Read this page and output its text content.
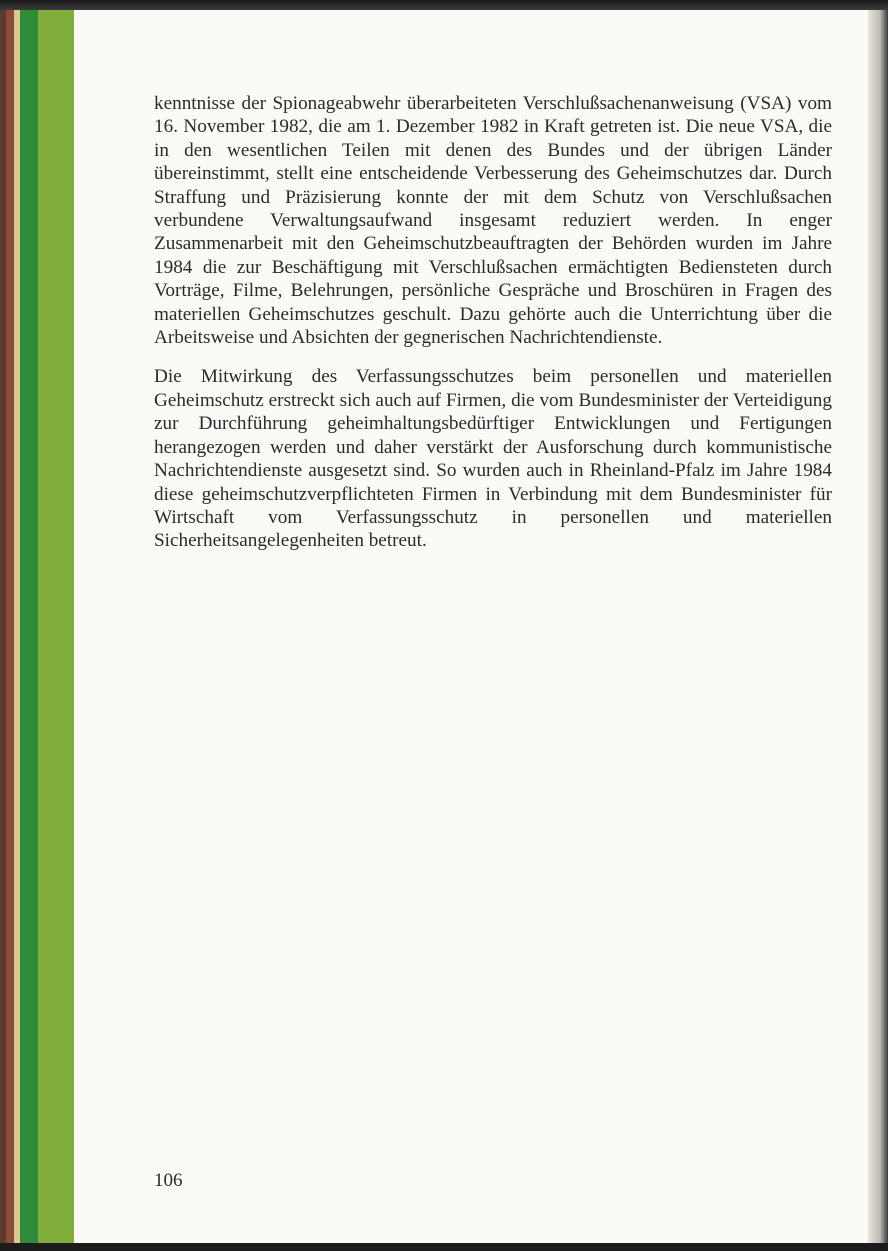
kenntnisse der Spionageabwehr überarbeiteten Verschlußsachenanweisung (VSA) vom 16. November 1982, die am 1. Dezember 1982 in Kraft getreten ist. Die neue VSA, die in den wesentlichen Teilen mit denen des Bundes und der übrigen Länder übereinstimmt, stellt eine entscheidende Verbesserung des Geheimschutzes dar. Durch Straffung und Präzisierung konnte der mit dem Schutz von Verschlußsachen verbundene Verwaltungsaufwand insgesamt reduziert werden. In enger Zusammenarbeit mit den Geheimschutzbeauftragten der Behörden wurden im Jahre 1984 die zur Beschäftigung mit Verschlußsachen ermächtigten Bediensteten durch Vorträge, Filme, Belehrungen, persönliche Gespräche und Broschüren in Fragen des materiellen Geheimschutzes geschult. Dazu gehörte auch die Unterrichtung über die Arbeitsweise und Absichten der gegnerischen Nachrichtendienste.

Die Mitwirkung des Verfassungsschutzes beim personellen und materiellen Geheimschutz erstreckt sich auch auf Firmen, die vom Bundesminister der Verteidigung zur Durchführung geheimhaltungsbedürftiger Entwicklungen und Fertigungen herangezogen werden und daher verstärkt der Ausforschung durch kommunistische Nachrichtendienste ausgesetzt sind. So wurden auch in Rheinland-Pfalz im Jahre 1984 diese geheimschutzverpflichteten Firmen in Verbindung mit dem Bundesminister für Wirtschaft vom Verfassungsschutz in personellen und materiellen Sicherheitsangelegenheiten betreut.

106
